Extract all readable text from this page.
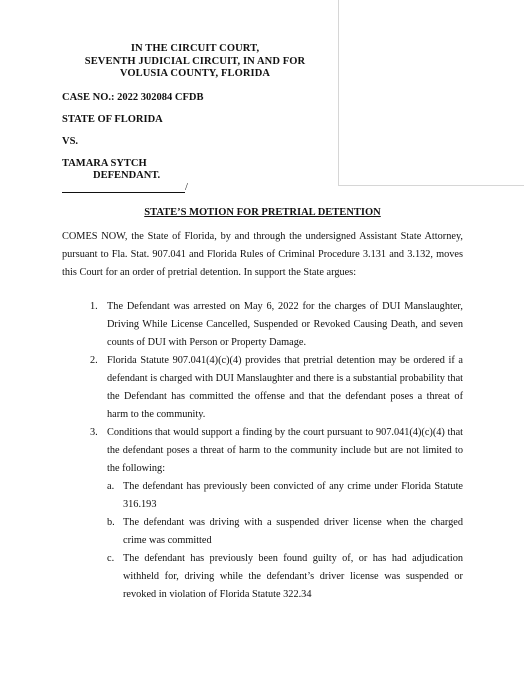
IN THE CIRCUIT COURT,
SEVENTH JUDICIAL CIRCUIT, IN AND FOR
VOLUSIA COUNTY, FLORIDA
CASE NO.: 2022 302084 CFDB
STATE OF FLORIDA
VS.
TAMARA SYTCH
DEFENDANT.
/
STATE’S MOTION FOR PRETRIAL DETENTION
COMES NOW, the State of Florida, by and through the undersigned Assistant State Attorney, pursuant to Fla. Stat. 907.041 and Florida Rules of Criminal Procedure 3.131 and 3.132, moves this Court for an order of pretrial detention. In support the State argues:
1. The Defendant was arrested on May 6, 2022 for the charges of DUI Manslaughter, Driving While License Cancelled, Suspended or Revoked Causing Death, and seven counts of DUI with Person or Property Damage.
2. Florida Statute 907.041(4)(c)(4) provides that pretrial detention may be ordered if a defendant is charged with DUI Manslaughter and there is a substantial probability that the Defendant has committed the offense and that the defendant poses a threat of harm to the community.
3. Conditions that would support a finding by the court pursuant to 907.041(4)(c)(4) that the defendant poses a threat of harm to the community include but are not limited to the following:
a. The defendant has previously been convicted of any crime under Florida Statute 316.193
b. The defendant was driving with a suspended driver license when the charged crime was committed
c. The defendant has previously been found guilty of, or has had adjudication withheld for, driving while the defendant’s driver license was suspended or revoked in violation of Florida Statute 322.34
